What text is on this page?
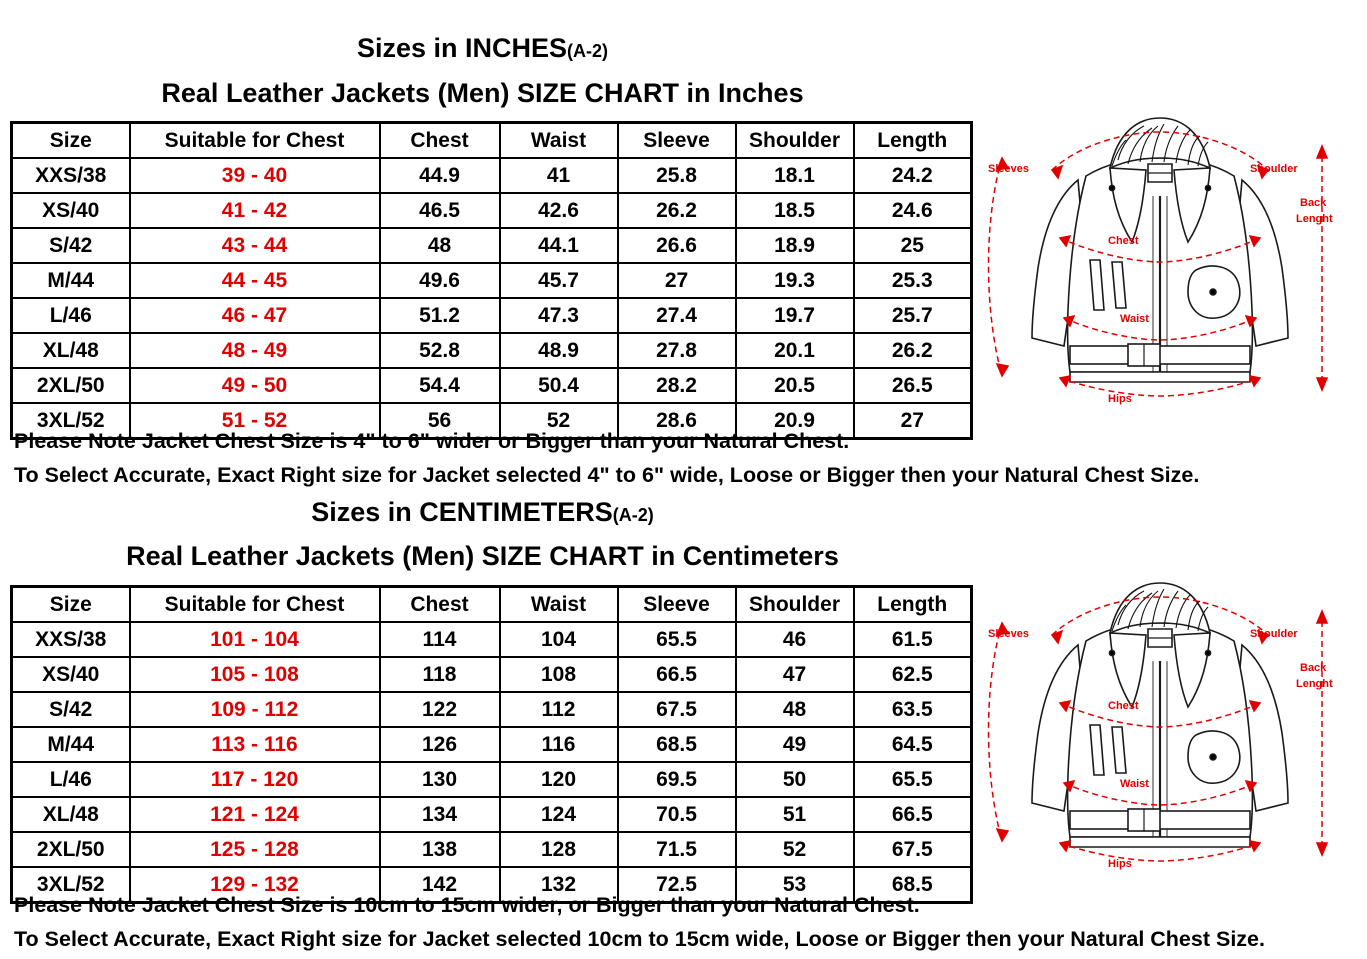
Sizes in INCHES(A-2)
Real Leather Jackets (Men) SIZE CHART in Inches
Size	Suitable for Chest	Chest	Waist	Sleeve	Shoulder	Length
XXS/38	39 - 40	44.9	41	25.8	18.1	24.2
XS/40	41 - 42	46.5	42.6	26.2	18.5	24.6
S/42	43 - 44	48	44.1	26.6	18.9	25
M/44	44 - 45	49.6	45.7	27	19.3	25.3
L/46	46 - 47	51.2	47.3	27.4	19.7	25.7
XL/48	48 - 49	52.8	48.9	27.8	20.1	26.2
2XL/50	49 - 50	54.4	50.4	28.2	20.5	26.5
3XL/52	51 - 52	56	52	28.6	20.9	27
Please Note Jacket Chest Size is 4" to 6" wider or Bigger than your Natural Chest.
To Select Accurate, Exact Right size for Jacket selected 4" to 6" wide, Loose or Bigger then your Natural Chest Size.
Sizes in CENTIMETERS(A-2)
Real Leather Jackets (Men) SIZE CHART in Centimeters
Size	Suitable for Chest	Chest	Waist	Sleeve	Shoulder	Length
XXS/38	101 - 104	114	104	65.5	46	61.5
XS/40	105 - 108	118	108	66.5	47	62.5
S/42	109 - 112	122	112	67.5	48	63.5
M/44	113 - 116	126	116	68.5	49	64.5
L/46	117 - 120	130	120	69.5	50	65.5
XL/48	121 - 124	134	124	70.5	51	66.5
2XL/50	125 - 128	138	128	71.5	52	67.5
3XL/52	129 - 132	142	132	72.5	53	68.5
Please Note Jacket Chest Size is 10cm to 15cm wider, or Bigger than your Natural Chest.
To Select Accurate, Exact Right size for Jacket selected 10cm to 15cm wide, Loose or Bigger then your Natural Chest Size.
Sleeves	Shoulder
Chest
Waist
Hips
Back
Lenght
Sleeves	Shoulder
Chest
Waist
Hips
Back
Lenght
